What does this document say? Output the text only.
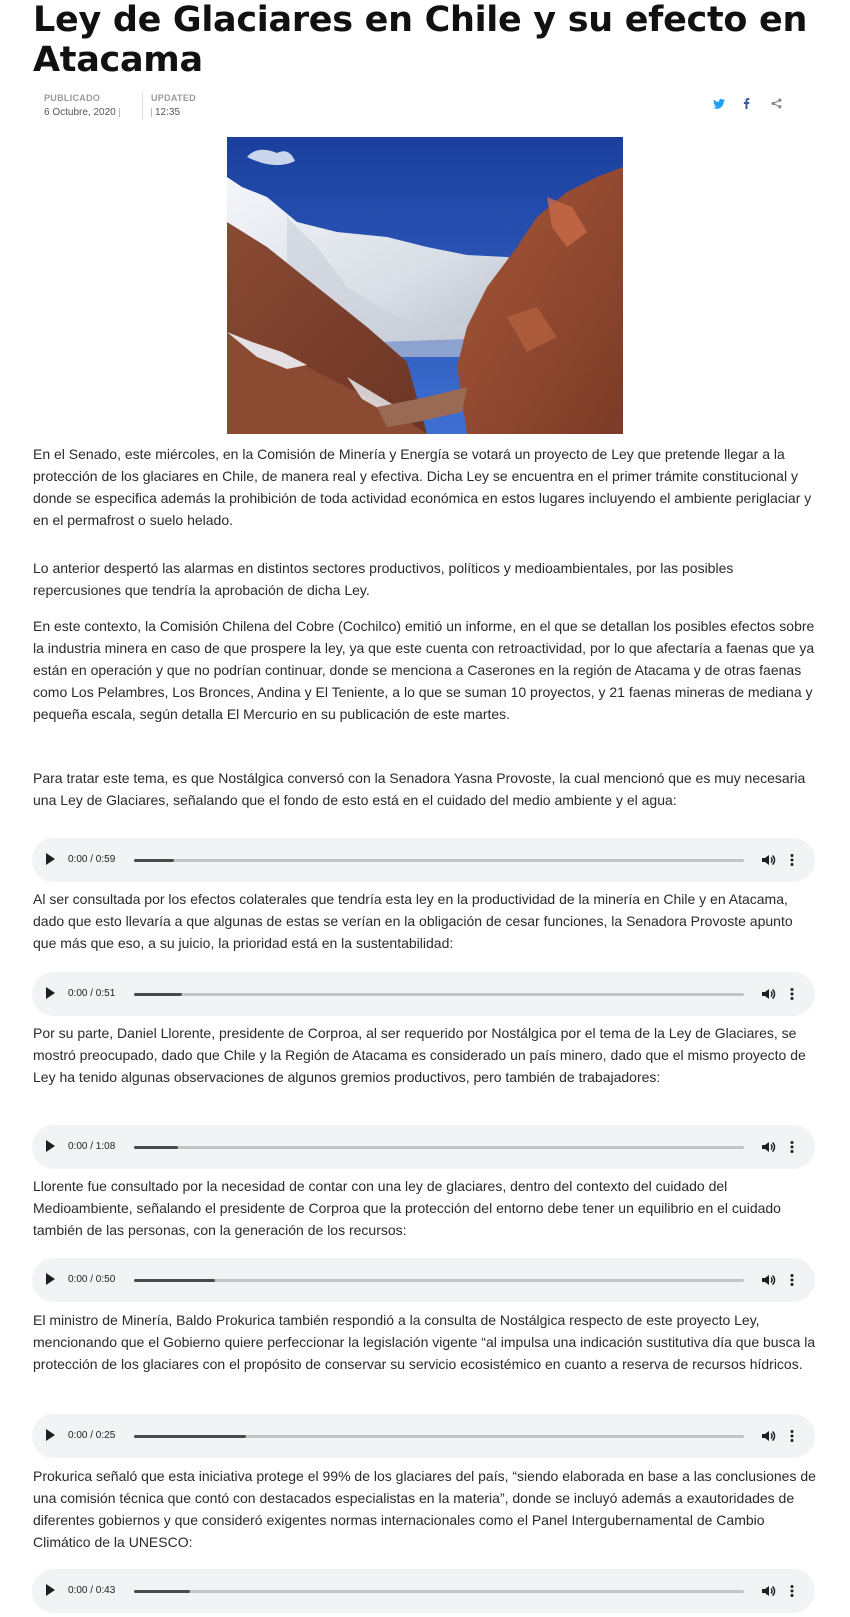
Ley de Glaciares en Chile y su efecto en Atacama
PUBLICADO
6 Octubre, 2020
UPDATED
12:35

En el Senado, este miércoles, en la Comisión de Minería y Energía se votará un proyecto de Ley que pretende llegar a la protección de los glaciares en Chile, de manera real y efectiva. Dicha Ley se encuentra en el primer trámite constitucional y donde se especifica además la prohibición de toda actividad económica en estos lugares incluyendo el ambiente periglaciar y en el permafrost o suelo helado.

Lo anterior despertó las alarmas en distintos sectores productivos, políticos y medioambientales, por las posibles repercusiones que tendría la aprobación de dicha Ley.

En este contexto, la Comisión Chilena del Cobre (Cochilco) emitió un informe, en el que se detallan los posibles efectos sobre la industria minera en caso de que prospere la ley, ya que este cuenta con retroactividad, por lo que afectaría a faenas que ya están en operación y que no podrían continuar, donde se menciona a Caserones en la región de Atacama y de otras faenas como Los Pelambres, Los Bronces, Andina y El Teniente, a lo que se suman 10 proyectos, y 21 faenas mineras de mediana y pequeña escala, según detalla El Mercurio en su publicación de este martes.

Para tratar este tema, es que Nostálgica conversó con la Senadora Yasna Provoste, la cual mencionó que es muy necesaria una Ley de Glaciares, señalando que el fondo de esto está en el cuidado del medio ambiente y el agua:

0:00 / 0:59

Al ser consultada por los efectos colaterales que tendría esta ley en la productividad de la minería en Chile y en Atacama, dado que esto llevaría a que algunas de estas se verían en la obligación de cesar funciones, la Senadora Provoste apunto que más que eso, a su juicio, la prioridad está en la sustentabilidad:

0:00 / 0:51

Por su parte, Daniel Llorente, presidente de Corproa, al ser requerido por Nostálgica por el tema de la Ley de Glaciares, se mostró preocupado, dado que Chile y la Región de Atacama es considerado un país minero, dado que el mismo proyecto de Ley ha tenido algunas observaciones de algunos gremios productivos, pero también de trabajadores:

0:00 / 1:08

Llorente fue consultado por la necesidad de contar con una ley de glaciares, dentro del contexto del cuidado del Medioambiente, señalando el presidente de Corproa que la protección del entorno debe tener un equilibrio en el cuidado también de las personas, con la generación de los recursos:

0:00 / 0:50

El ministro de Minería, Baldo Prokurica también respondió a la consulta de Nostálgica respecto de este proyecto Ley, mencionando que el Gobierno quiere perfeccionar la legislación vigente “al impulsa una indicación sustitutiva día que busca la protección de los glaciares con el propósito de conservar su servicio ecosistémico en cuanto a reserva de recursos hídricos.

0:00 / 0:25

Prokurica señaló que esta iniciativa protege el 99% de los glaciares del país, “siendo elaborada en base a las conclusiones de una comisión técnica que contó con destacados especialistas en la materia”, donde se incluyó además a exautoridades de diferentes gobiernos y que consideró exigentes normas internacionales como el Panel Intergubernamental de Cambio Climático de la UNESCO:

0:00 / 0:43
